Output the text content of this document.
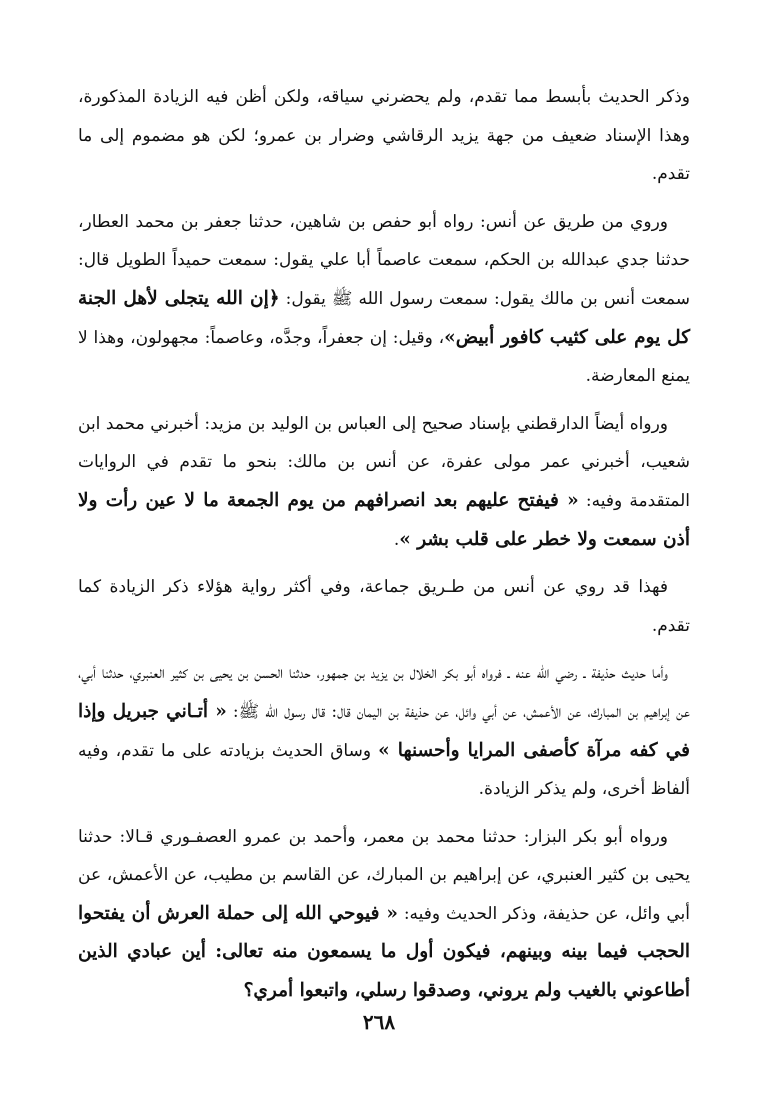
وذكر الحديث بأبسط مما تقدم، ولم يحضرني سياقه، ولكن أظن فيه الزيادة المذكورة، وهذا الإسناد ضعيف من جهة يزيد الرقاشي وضرار بن عمرو؛ لكن هو مضموم إلى ما تقدم.

وروي من طريق عن أنس: رواه أبو حفص بن شاهين، حدثنا جعفر بن محمد العطار، حدثنا جدي عبدالله بن الحكم، سمعت عاصماً أبا علي يقول: سمعت حميداً الطويل قال: سمعت أنس بن مالك يقول: سمعت رسول الله ﷺ يقول: ﴿إن الله يتجلى لأهل الجنة كل يوم على كثيب كافور أبيض»، وقيل: إن جعفراً، وجدَّه، وعاصماً: مجهولون، وهذا لا يمنع المعارضة.

ورواه أيضاً الدارقطني بإسناد صحيح إلى العباس بن الوليد بن مزيد: أخبرني محمد ابن شعيب، أخبرني عمر مولى عفرة، عن أنس بن مالك: بنحو ما تقدم في الروايات المتقدمة وفيه: « فيفتح عليهم بعد انصرافهم من يوم الجمعة ما لا عين رأت ولا أذن سمعت ولا خطر على قلب بشر ».

فهذا قد روي عن أنس من طـريق جماعة، وفي أكثر رواية هؤلاء ذكر الزيادة كما تقدم.

وأما حديث حذيفة ـ رضي الله عنه ـ فرواه أبو بكر الخلال بن يزيد بن جمهور، حدثنا الحسن بن يحيى بن كثير العنبري، حدثنا أبي، عن إبراهيم بن المبارك، عن الأعمش، عن أبي وائل، عن حذيفة بن اليمان قال: قال رسول الله ﷺ: « أتـاني جبريل وإذا في كفه مرآة كأصفى المرايا وأحسنها » وساق الحديث بزيادته على ما تقدم، وفيه ألفاظ أخرى، ولم يذكر الزيادة.

ورواه أبو بكر البزار: حدثنا محمد بن معمر، وأحمد بن عمرو العصفـوري قـالا: حدثنا يحيى بن كثير العنبري، عن إبراهيم بن المبارك، عن القاسم بن مطيب، عن الأعمش، عن أبي وائل، عن حذيفة، وذكر الحديث وفيه: « فيوحي الله إلى حملة العرش أن يفتحوا الحجب فيما بينه وبينهم، فيكون أول ما يسمعون منه تعالى: أين عبادي الذين أطاعوني بالغيب ولم يروني، وصدقوا رسلي، واتبعوا أمري؟

٢٦٨
